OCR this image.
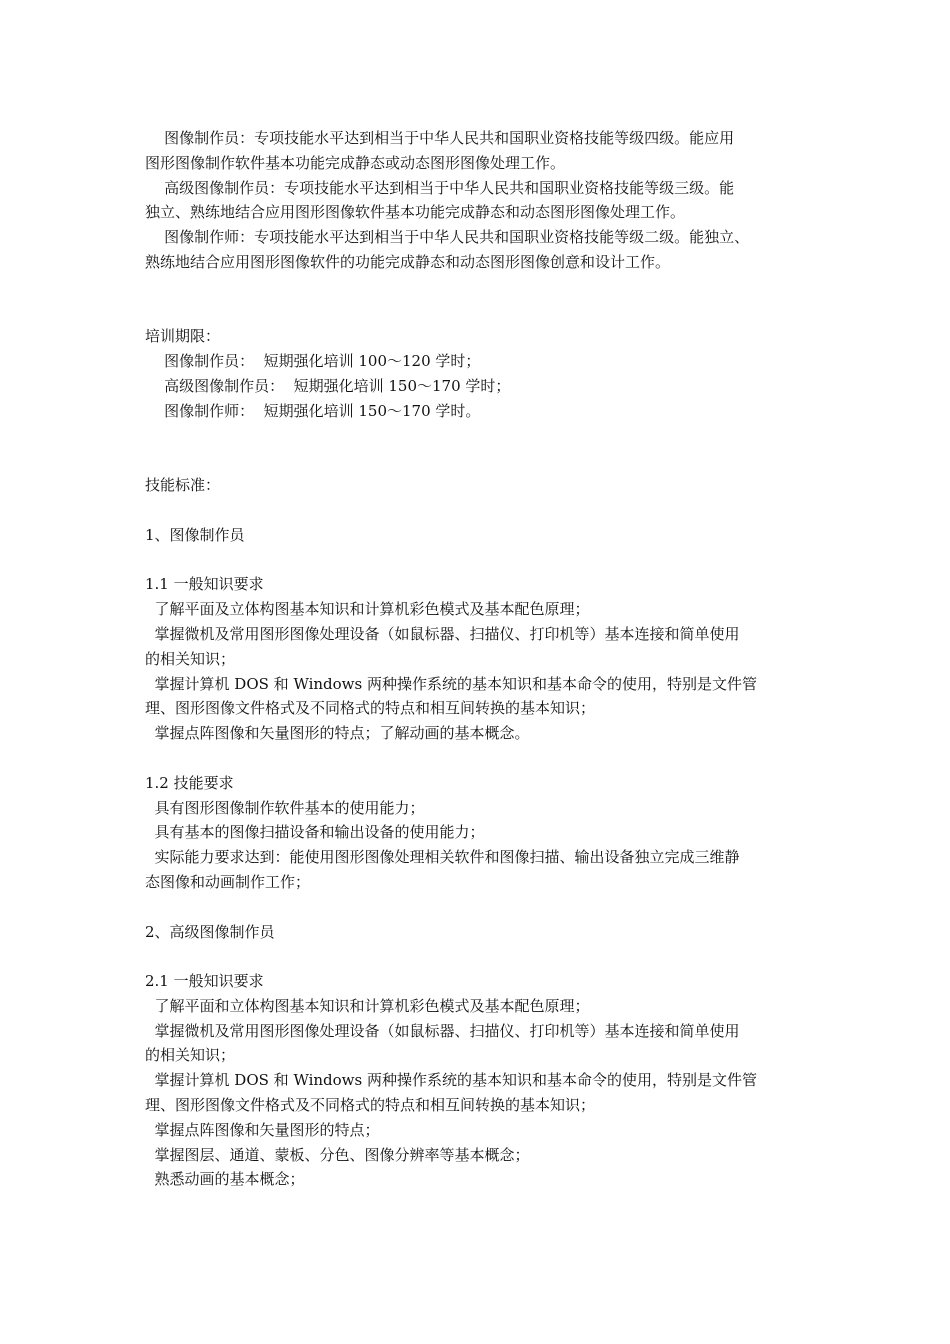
图像制作员：专项技能水平达到相当于中华人民共和国职业资格技能等级四级。能应用

图形图像制作软件基本功能完成静态或动态图形图像处理工作。

高级图像制作员：专项技能水平达到相当于中华人民共和国职业资格技能等级三级。能

独立、熟练地结合应用图形图像软件基本功能完成静态和动态图形图像处理工作。

图像制作师：专项技能水平达到相当于中华人民共和国职业资格技能等级二级。能独立、

熟练地结合应用图形图像软件的功能完成静态和动态图形图像创意和设计工作。

培训期限：

图像制作员：  短期强化培训 100～120 学时；

高级图像制作员：  短期强化培训 150～170 学时；

图像制作师：  短期强化培训 150～170 学时。

技能标准：

1、图像制作员

1.1 一般知识要求

了解平面及立体构图基本知识和计算机彩色模式及基本配色原理；

掌握微机及常用图形图像处理设备（如鼠标器、扫描仪、打印机等）基本连接和简单使用

的相关知识；

掌握计算机 DOS 和 Windows 两种操作系统的基本知识和基本命令的使用，特别是文件管

理、图形图像文件格式及不同格式的特点和相互间转换的基本知识；

掌握点阵图像和矢量图形的特点；了解动画的基本概念。

1.2 技能要求

具有图形图像制作软件基本的使用能力；

具有基本的图像扫描设备和输出设备的使用能力；

实际能力要求达到：能使用图形图像处理相关软件和图像扫描、输出设备独立完成三维静

态图像和动画制作工作；

2、高级图像制作员

2.1 一般知识要求

了解平面和立体构图基本知识和计算机彩色模式及基本配色原理；

掌握微机及常用图形图像处理设备（如鼠标器、扫描仪、打印机等）基本连接和简单使用

的相关知识；

掌握计算机 DOS 和 Windows 两种操作系统的基本知识和基本命令的使用，特别是文件管

理、图形图像文件格式及不同格式的特点和相互间转换的基本知识；

掌握点阵图像和矢量图形的特点；

掌握图层、通道、蒙板、分色、图像分辨率等基本概念；

熟悉动画的基本概念；
